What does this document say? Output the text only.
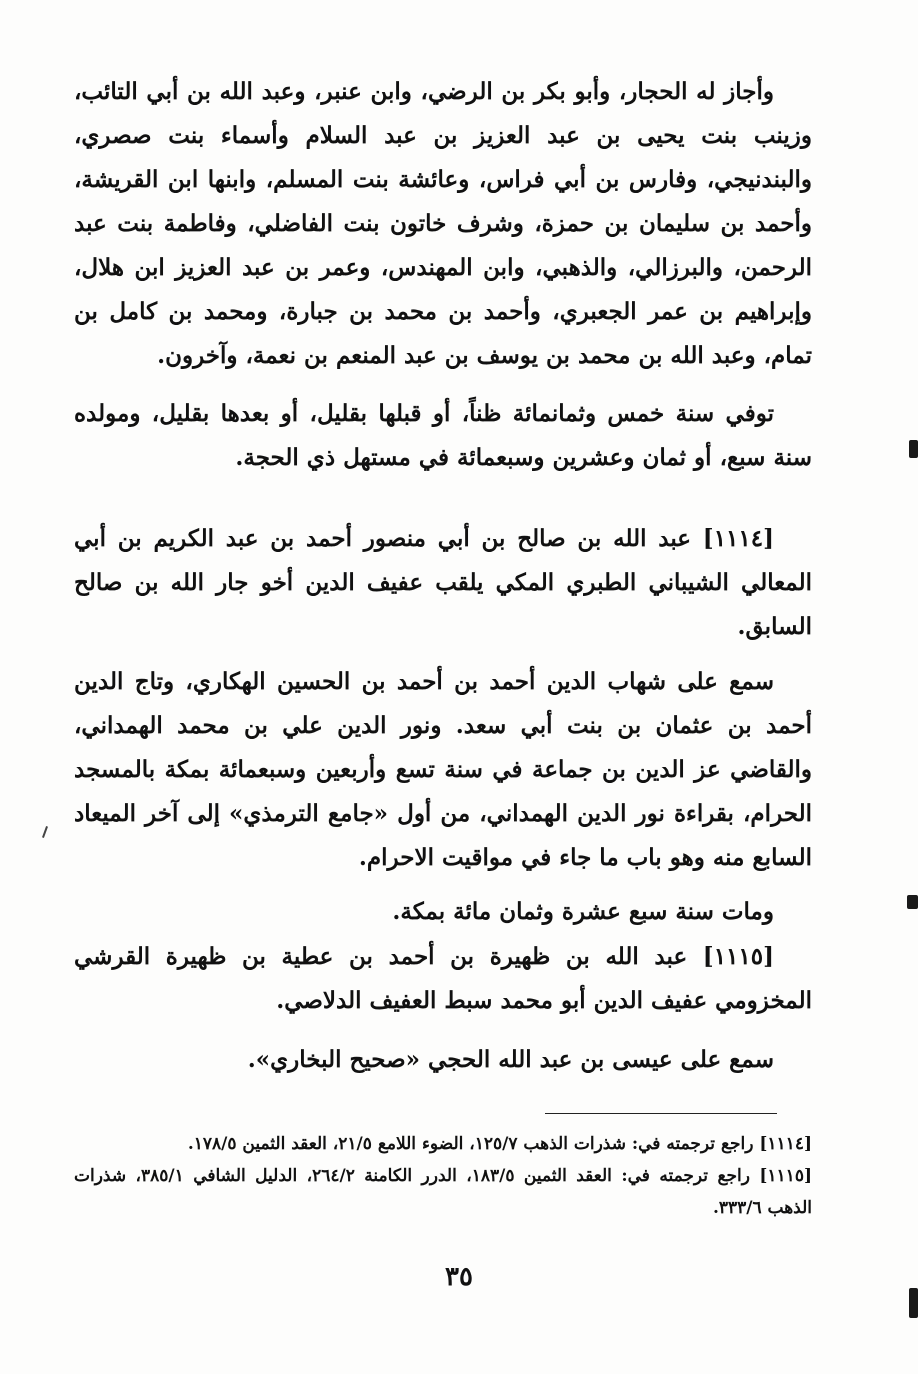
وأجاز له الحجار، وأبو بكر بن الرضي، وابن عنبر، وعبد الله بن أبي التائب، وزينب بنت يحيى بن عبد العزيز بن عبد السلام وأسماء بنت صصري، والبندنيجي، وفارس بن أبي فراس، وعائشة بنت المسلم، وابنها ابن القريشة، وأحمد بن سليمان بن حمزة، وشرف خاتون بنت الفاضلي، وفاطمة بنت عبد الرحمن، والبرزالي، والذهبي، وابن المهندس، وعمر بن عبد العزيز ابن هلال، وإبراهيم بن عمر الجعبري، وأحمد بن محمد بن جبارة، ومحمد بن كامل بن تمام، وعبد الله بن محمد بن يوسف بن عبد المنعم بن نعمة، وآخرون.

توفي سنة خمس وثمانمائة ظناً، أو قبلها بقليل، أو بعدها بقليل، ومولده سنة سبع، أو ثمان وعشرين وسبعمائة في مستهل ذي الحجة.

[١١١٤] عبد الله بن صالح بن أبي منصور أحمد بن عبد الكريم بن أبي المعالي الشيباني الطبري المكي يلقب عفيف الدين أخو جار الله بن صالح السابق.

سمع على شهاب الدين أحمد بن أحمد بن الحسين الهكاري، وتاج الدين أحمد بن عثمان بن بنت أبي سعد. ونور الدين علي بن محمد الهمداني، والقاضي عز الدين بن جماعة في سنة تسع وأربعين وسبعمائة بمكة بالمسجد الحرام، بقراءة نور الدين الهمداني، من أول «جامع الترمذي» إلى آخر الميعاد السابع منه وهو باب ما جاء في مواقيت الاحرام.

ومات سنة سبع عشرة وثمان مائة بمكة.

[١١١٥] عبد الله بن ظهيرة بن أحمد بن عطية بن ظهيرة القرشي المخزومي عفيف الدين أبو محمد سبط العفيف الدلاصي.

سمع على عيسى بن عبد الله الحجي «صحيح البخاري».

[١١١٤] راجع ترجمته في: شذرات الذهب ١٢٥/٧، الضوء اللامع ٢١/٥، العقد الثمين ١٧٨/٥.

[١١١٥] راجع ترجمته في: العقد الثمين ١٨٣/٥، الدرر الكامنة ٢٦٤/٢، الدليل الشافي ٣٨٥/١، شذرات الذهب ٣٣٣/٦.

٣٥
